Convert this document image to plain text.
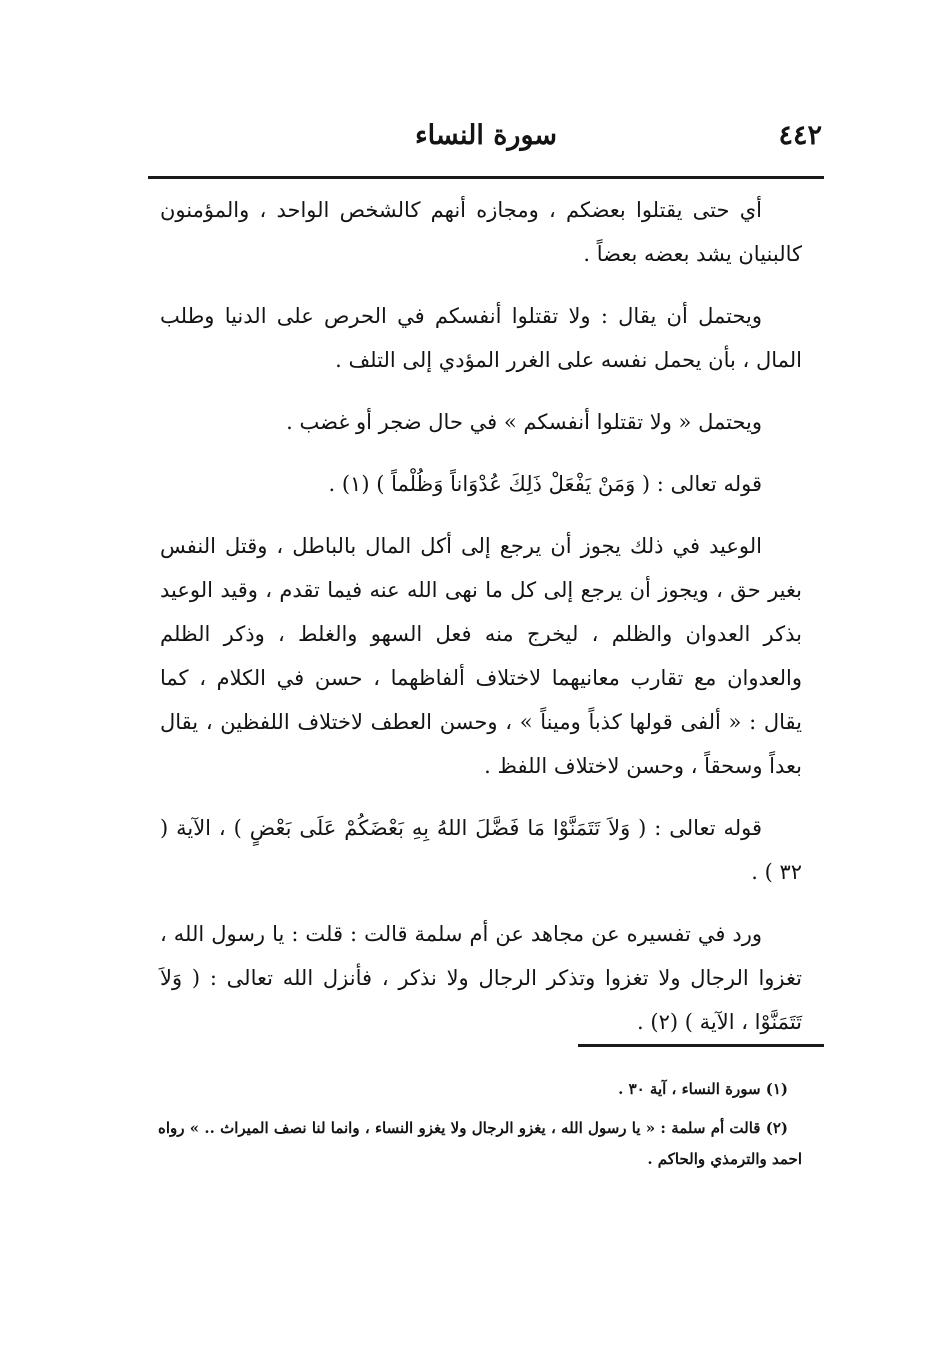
٤٤٢
سورة النساء

أي حتى يقتلوا بعضكم ، ومجازه أنهم كالشخص الواحد ، والمؤمنون كالبنيان يشد بعضه بعضاً .

ويحتمل أن يقال : ولا تقتلوا أنفسكم في الحرص على الدنيا وطلب المال ، بأن يحمل نفسه على الغرر المؤدي إلى التلف .

ويحتمل « ولا تقتلوا أنفسكم » في حال ضجر أو غضب .

قوله تعالى : ( وَمَنْ يَفْعَلْ ذَلِكَ عُدْوَاناً وَظُلْماً ) (١) .

الوعيد في ذلك يجوز أن يرجع إلى أكل المال بالباطل ، وقتل النفس بغير حق ، ويجوز أن يرجع إلى كل ما نهى الله عنه فيما تقدم ، وقيد الوعيد بذكر العدوان والظلم ، ليخرج منه فعل السهو والغلط ، وذكر الظلم والعدوان مع تقارب معانيهما لاختلاف ألفاظهما ، حسن في الكلام ، كما يقال : « ألفى قولها كذباً وميناً » ، وحسن العطف لاختلاف اللفظين ، يقال بعداً وسحقاً ، وحسن لاختلاف اللفظ .

قوله تعالى : ( وَلاَ تَتَمَنَّوْا مَا فَضَّلَ اللهُ بِهِ بَعْضَكُمْ عَلَى بَعْضٍ ) ، الآية ( ٣٢ ) .

ورد في تفسيره عن مجاهد عن أم سلمة قالت : قلت : يا رسول الله ، تغزوا الرجال ولا تغزوا وتذكر الرجال ولا نذكر ، فأنزل الله تعالى : ( وَلاَ تَتَمَنَّوْا ، الآية ) (٢) .

(١) سورة النساء ، آية ٣٠ .

(٢) قالت أم سلمة : « يا رسول الله ، يغزو الرجال ولا يغزو النساء ، وانما لنا نصف الميراث .. » رواه احمد والترمذي والحاكم .
